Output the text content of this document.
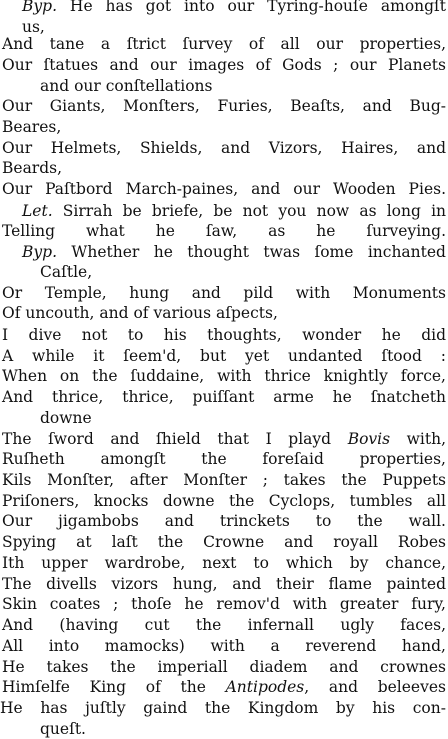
Byp. He has got into our Tyring-houſe amongſt
us,
And tane a ſtrict ſurvey of all our properties,
Our ſtatues and our images of Gods ; our Planets
and our conſtellations
Our Giants, Monſters, Furies, Beaſts, and Bug-
Beares,
Our Helmets, Shields, and Vizors, Haires, and
Beards,
Our Paſtbord March-paines, and our Wooden Pies.
Let. Sirrah be briefe, be not you now as long in
Telling what he ſaw, as he ſurveying.
Byp. Whether he thought twas ſome inchanted
Caſtle,
Or Temple, hung and pild with Monuments
Of uncouth, and of various aſpects,
I dive not to his thoughts, wonder he did
A while it ſeem'd, but yet undanted ſtood :
When on the ſuddaine, with thrice knightly force,
And thrice, thrice, puiſſant arme he ſnatcheth
downe
The ſword and ſhield that I playd Bovis with,
Ruſheth amongſt the foreſaid properties,
Kils Monſter, after Monſter ; takes the Puppets
Priſoners, knocks downe the Cyclops, tumbles all
Our jigambobs and trinckets to the wall.
Spying at laſt the Crowne and royall Robes
Ith upper wardrobe, next to which by chance,
The divells vizors hung, and their flame painted
Skin coates ; thoſe he remov'd with greater fury,
And (having cut the infernall ugly faces,
All into mamocks) with a reverend hand,
He takes the imperiall diadem and crownes
Himſelfe King of the Antipodes, and beleeves
He has juſtly gaind the Kingdom by his con-
queſt.
